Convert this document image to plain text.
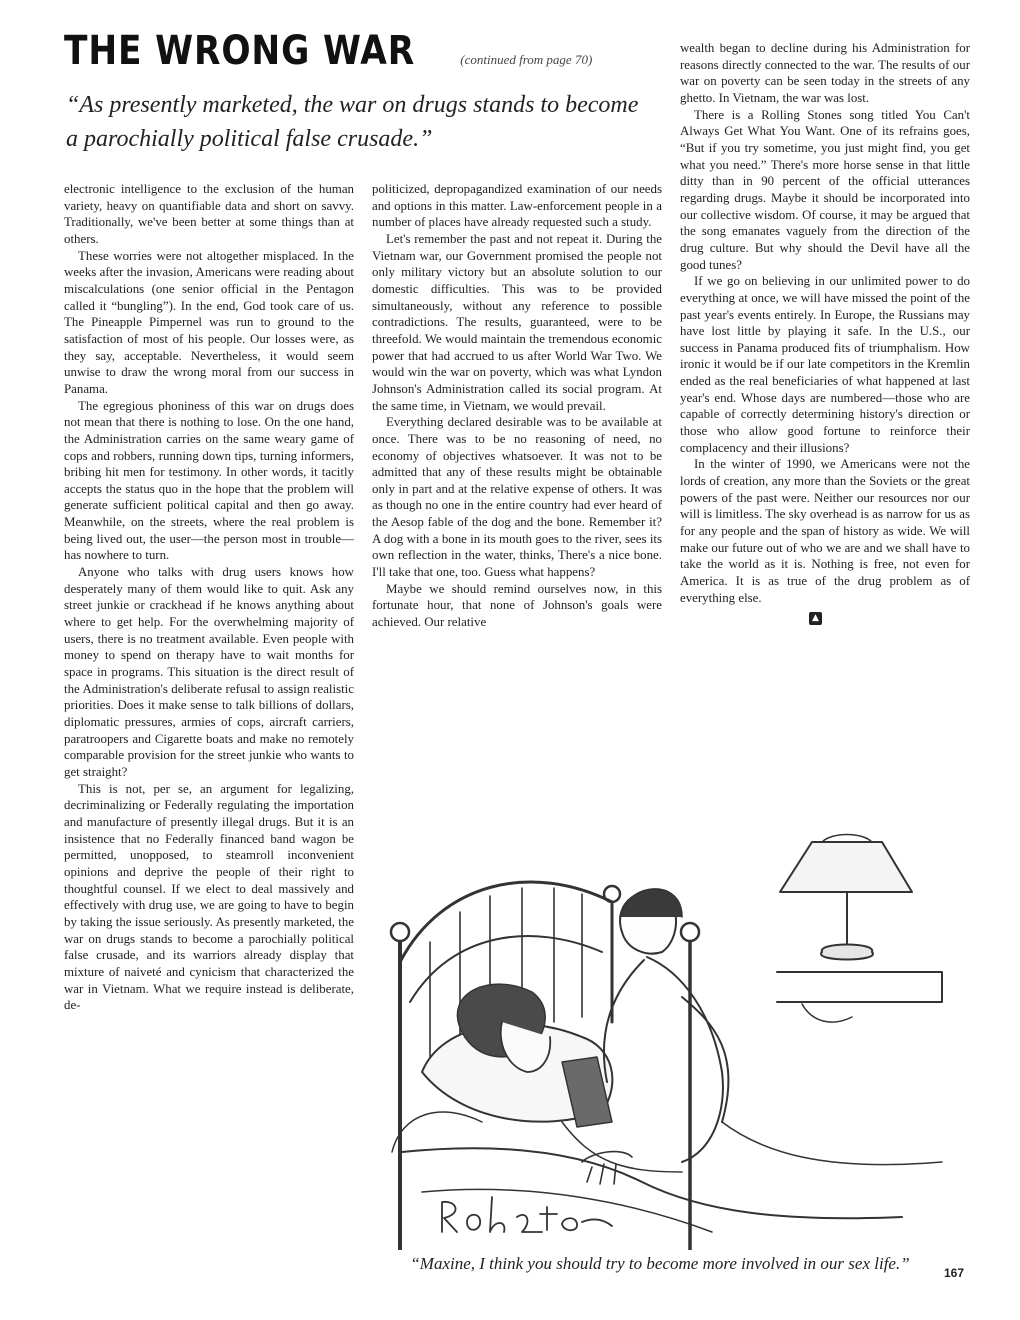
THE WRONG WAR	(continued from page 70)
“As presently marketed, the war on drugs stands to become a parochially political false crusade.”

electronic intelligence to the exclusion of the human variety, heavy on quantifiable data and short on savvy. Traditionally, we've been better at some things than at others.

These worries were not altogether misplaced. In the weeks after the invasion, Americans were reading about miscalculations (one senior official in the Pentagon called it “bungling”). In the end, God took care of us. The Pineapple Pimpernel was run to ground to the satisfaction of most of his people. Our losses were, as they say, acceptable. Nevertheless, it would seem unwise to draw the wrong moral from our success in Panama.

The egregious phoniness of this war on drugs does not mean that there is nothing to lose. On the one hand, the Administration carries on the same weary game of cops and robbers, running down tips, turning informers, bribing hit men for testimony. In other words, it tacitly accepts the status quo in the hope that the problem will generate sufficient political capital and then go away. Meanwhile, on the streets, where the real problem is being lived out, the user—the person most in trouble—has nowhere to turn.

Anyone who talks with drug users knows how desperately many of them would like to quit. Ask any street junkie or crackhead if he knows anything about where to get help. For the overwhelming majority of users, there is no treatment available. Even people with money to spend on therapy have to wait months for space in programs. This situation is the direct result of the Administration's deliberate refusal to assign realistic priorities. Does it make sense to talk billions of dollars, diplomatic pressures, armies of cops, aircraft carriers, paratroopers and Cigarette boats and make no remotely comparable provision for the street junkie who wants to get straight?

This is not, per se, an argument for legalizing, decriminalizing or Federally regulating the importation and manufacture of presently illegal drugs. But it is an insistence that no Federally financed band wagon be permitted, unopposed, to steamroll inconvenient opinions and deprive the people of their right to thoughtful counsel. If we elect to deal massively and effectively with drug use, we are going to have to begin by taking the issue seriously. As presently marketed, the war on drugs stands to become a parochially political false crusade, and its warriors already display that mixture of naiveté and cynicism that characterized the war in Vietnam. What we require instead is deliberate, de-

politicized, depropagandized examination of our needs and options in this matter. Law-enforcement people in a number of places have already requested such a study.

Let's remember the past and not repeat it. During the Vietnam war, our Government promised the people not only military victory but an absolute solution to our domestic difficulties. This was to be provided simultaneously, without any reference to possible contradictions. The results, guaranteed, were to be threefold. We would maintain the tremendous economic power that had accrued to us after World War Two. We would win the war on poverty, which was what Lyndon Johnson's Administration called its social program. At the same time, in Vietnam, we would prevail.

Everything declared desirable was to be available at once. There was to be no reasoning of need, no economy of objectives whatsoever. It was not to be admitted that any of these results might be obtainable only in part and at the relative expense of others. It was as though no one in the entire country had ever heard of the Aesop fable of the dog and the bone. Remember it? A dog with a bone in its mouth goes to the river, sees its own reflection in the water, thinks, There's a nice bone. I'll take that one, too. Guess what happens?

Maybe we should remind ourselves now, in this fortunate hour, that none of Johnson's goals were achieved. Our relative

wealth began to decline during his Administration for reasons directly connected to the war. The results of our war on poverty can be seen today in the streets of any ghetto. In Vietnam, the war was lost.

There is a Rolling Stones song titled You Can't Always Get What You Want. One of its refrains goes, “But if you try sometime, you just might find, you get what you need.” There's more horse sense in that little ditty than in 90 percent of the official utterances regarding drugs. Maybe it should be incorporated into our collective wisdom. Of course, it may be argued that the song emanates vaguely from the direction of the drug culture. But why should the Devil have all the good tunes?

If we go on believing in our unlimited power to do everything at once, we will have missed the point of the past year's events entirely. In Europe, the Russians may have lost little by playing it safe. In the U.S., our success in Panama produced fits of triumphalism. How ironic it would be if our late competitors in the Kremlin ended as the real beneficiaries of what happened at last year's end. Whose days are numbered—those who are capable of correctly determining history's direction or those who allow good fortune to reinforce their complacency and their illusions?

In the winter of 1990, we Americans were not the lords of creation, any more than the Soviets or the great powers of the past were. Neither our resources nor our will is limitless. The sky overhead is as narrow for us as for any people and the span of history as wide. We will make our future out of who we are and we shall have to take the world as it is. Nothing is free, not even for America. It is as true of the drug problem as of everything else.

▲
“Maxine, I think you should try to become more involved in our sex life.”	167
